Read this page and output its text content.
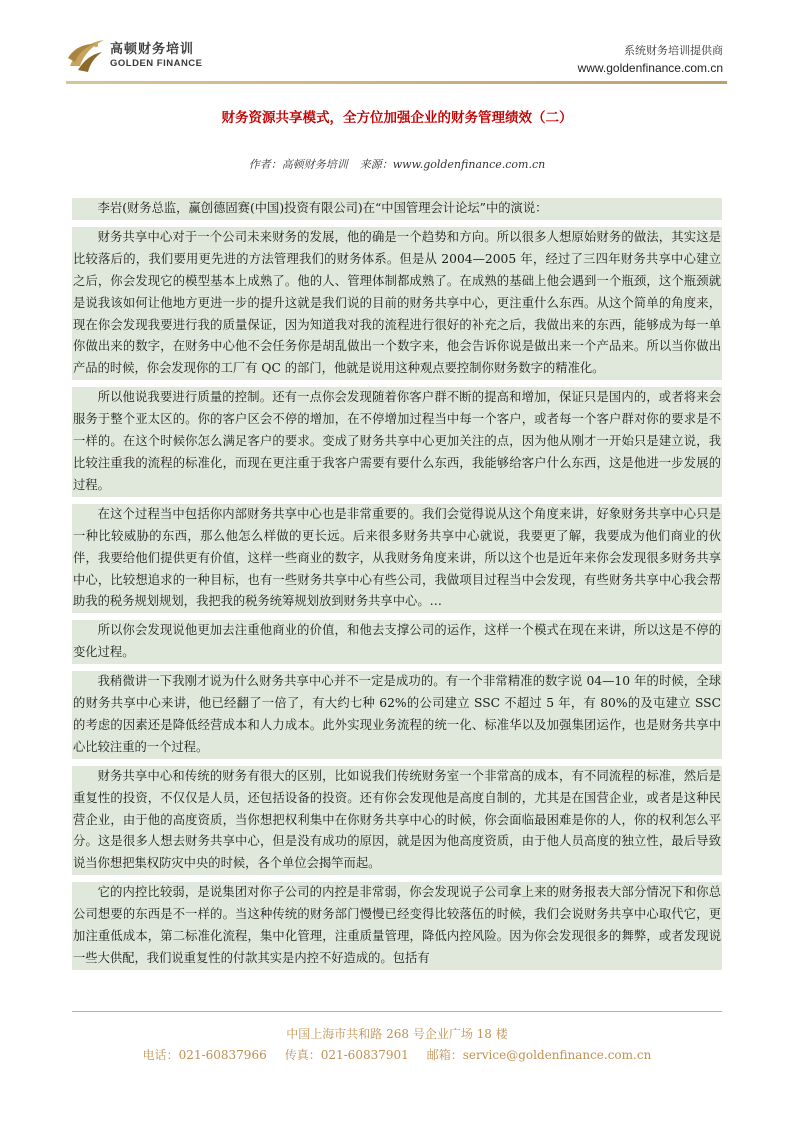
高顿财务培训
GOLDEN FINANCE
系统财务培训提供商
www.goldenfinance.com.cn
财务资源共享模式，全方位加强企业的财务管理绩效（二）
作者：高顿财务培训 来源：www.goldenfinance.com.cn

李岩(财务总监，赢创德固赛(中国)投资有限公司)在“中国管理会计论坛”中的演说：

财务共享中心对于一个公司未来财务的发展，他的确是一个趋势和方向。所以很多人想原始财务的做法，其实这是比较落后的，我们要用更先进的方法管理我们的财务体系。但是从 2004—2005 年，经过了三四年财务共享中心建立之后，你会发现它的模型基本上成熟了。他的人、管理体制都成熟了。在成熟的基础上他会遇到一个瓶颈，这个瓶颈就是说我该如何让他地方更进一步的提升这就是我们说的目前的财务共享中心，更注重什么东西。从这个简单的角度来，现在你会发现我要进行我的质量保证，因为知道我对我的流程进行很好的补充之后，我做出来的东西，能够成为每一单你做出来的数字，在财务中心他不会任务你是胡乱做出一个数字来，他会告诉你说是做出来一个产品来。所以当你做出产品的时候，你会发现你的工厂有 QC 的部门，他就是说用这种观点要控制你财务数字的精准化。

所以他说我要进行质量的控制。还有一点你会发现随着你客户群不断的提高和增加，保证只是国内的，或者将来会服务于整个亚太区的。你的客户区会不停的增加，在不停增加过程当中每一个客户，或者每一个客户群对你的要求是不一样的。在这个时候你怎么满足客户的要求。变成了财务共享中心更加关注的点，因为他从刚才一开始只是建立说，我比较注重我的流程的标准化，而现在更注重于我客户需要有要什么东西，我能够给客户什么东西，这是他进一步发展的过程。

在这个过程当中包括你内部财务共享中心也是非常重要的。我们会觉得说从这个角度来讲，好象财务共享中心只是一种比较威胁的东西，那么他怎么样做的更长远。后来很多财务共享中心就说，我要更了解，我要成为他们商业的伙伴，我要给他们提供更有价值，这样一些商业的数字，从我财务角度来讲，所以这个也是近年来你会发现很多财务共享中心，比较想追求的一种目标，也有一些财务共享中心有些公司，我做项目过程当中会发现，有些财务共享中心我会帮助我的税务规划规划，我把我的税务统筹规划放到财务共享中心。…

所以你会发现说他更加去注重他商业的价值，和他去支撑公司的运作，这样一个模式在现在来讲，所以这是不停的变化过程。

我稍微讲一下我刚才说为什么财务共享中心并不一定是成功的。有一个非常精准的数字说 04—10 年的时候，全球的财务共享中心来讲，他已经翻了一倍了，有大约七种 62%的公司建立 SSC 不超过 5 年，有 80%的及屯建立 SSC 的考虑的因素还是降低经营成本和人力成本。此外实现业务流程的统一化、标准华以及加强集团运作，也是财务共享中心比较注重的一个过程。

财务共享中心和传统的财务有很大的区别，比如说我们传统财务室一个非常高的成本，有不同流程的标准，然后是重复性的投资，不仅仅是人员，还包括设备的投资。还有你会发现他是高度自制的，尤其是在国营企业，或者是这种民营企业，由于他的高度资质，当你想把权利集中在你财务共享中心的时候，你会面临最困难是你的人，你的权利怎么平分。这是很多人想去财务共享中心，但是没有成功的原因，就是因为他高度资质，由于他人员高度的独立性，最后导致说当你想把集权防灾中央的时候，各个单位会揭竿而起。

它的内控比较弱，是说集团对你子公司的内控是非常弱，你会发现说子公司拿上来的财务报表大部分情况下和你总公司想要的东西是不一样的。当这种传统的财务部门慢慢已经变得比较落伍的时候，我们会说财务共享中心取代它，更加注重低成本，第二标准化流程，集中化管理，注重质量管理，降低内控风险。因为你会发现很多的舞弊，或者发现说一些大供配，我们说重复性的付款其实是内控不好造成的。包括有

中国上海市共和路 268 号企业广场 18 楼
电话：021-60837966 传真：021-60837901 邮箱：service@goldenfinance.com.cn
